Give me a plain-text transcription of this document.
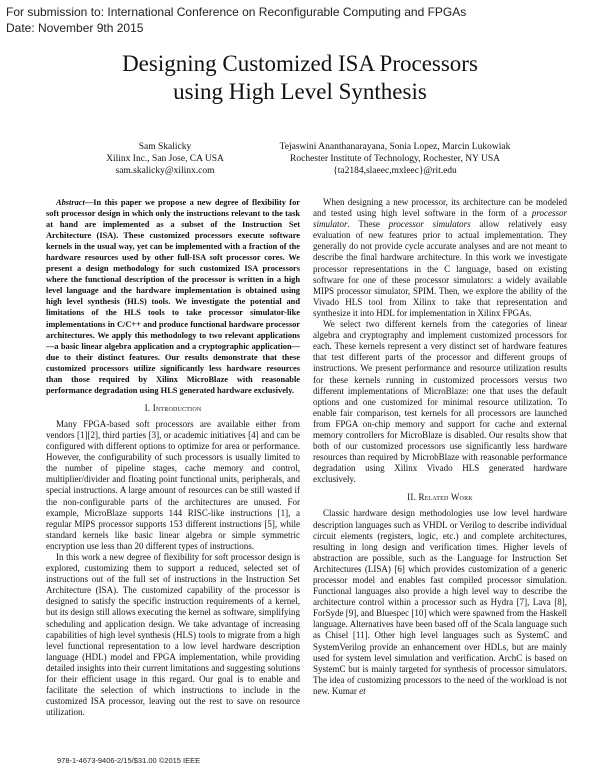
For submission to: International Conference on Reconfigurable Computing and FPGAs
Date: November 9th 2015
Designing Customized ISA Processors
using High Level Synthesis
Sam Skalicky
Xilinx Inc., San Jose, CA USA
sam.skalicky@xilinx.com
Tejaswini Ananthanarayana, Sonia Lopez, Marcin Lukowiak
Rochester Institute of Technology, Rochester, NY USA
{ta2184,slaeec,mxleec}@rit.edu

Abstract—In this paper we propose a new degree of flexibility for soft processor design in which only the instructions relevant to the task at hand are implemented as a subset of the Instruction Set Architecture (ISA). These customized processors execute software kernels in the usual way, yet can be implemented with a fraction of the hardware resources used by other full-ISA soft processor cores. We present a design methodology for such customized ISA processors where the functional description of the processor is written in a high level language and the hardware implementation is obtained using high level synthesis (HLS) tools. We investigate the potential and limitations of the HLS tools to take processor simulator-like implementations in C/C++ and produce functional hardware processor architectures. We apply this methodology to two relevant applications —a basic linear algebra application and a cryptographic application— due to their distinct features. Our results demonstrate that these customized processors utilize significantly less hardware resources than those required by Xilinx MicroBlaze with reasonable performance degradation using HLS generated hardware exclusively.

I. Introduction

Many FPGA-based soft processors are available either from vendors [1][2], third parties [3], or academic initiatives [4] and can be configured with different options to optimize for area or performance. However, the configurability of such processors is usually limited to the number of pipeline stages, cache memory and control, multiplier/divider and floating point functional units, peripherals, and special instructions. A large amount of resources can be still wasted if the non-configurable parts of the architectures are unused. For example, MicroBlaze supports 144 RISC-like instructions [1], a regular MIPS processor supports 153 different instructions [5], while standard kernels like basic linear algebra or simple symmetric encryption use less than 20 different types of instructions.

In this work a new degree of flexibility for soft processor design is explored, customizing them to support a reduced, selected set of instructions out of the full set of instructions in the Instruction Set Architecture (ISA). The customized capability of the processor is designed to satisfy the specific instruction requirements of a kernel, but its design still allows executing the kernel as software, simplifying scheduling and application design. We take advantage of increasing capabilities of high level synthesis (HLS) tools to migrate from a high level functional representation to a low level hardware description language (HDL) model and FPGA implementation, while providing detailed insights into their current limitations and suggesting solutions for their efficient usage in this regard. Our goal is to enable and facilitate the selection of which instructions to include in the customized ISA processor, leaving out the rest to save on resource utilization.

When designing a new processor, its architecture can be modeled and tested using high level software in the form of a processor simulator. These processor simulators allow relatively easy evaluation of new features prior to actual implementation. They generally do not provide cycle accurate analyses and are not meant to describe the final hardware architecture. In this work we investigate processor representations in the C language, based on existing software for one of these processor simulators: a widely available MIPS processor simulator, SPIM. Then, we explore the ability of the Vivado HLS tool from Xilinx to take that representation and synthesize it into HDL for implementation in Xilinx FPGAs.

We select two different kernels from the categories of linear algebra and cryptography and implement customized processors for each. These kernels represent a very distinct set of hardware features that test different parts of the processor and different groups of instructions. We present performance and resource utilization results for these kernels running in customized processors versus two different implementations of MicroBlaze: one that uses the default options and one customized for minimal resource utilization. To enable fair comparison, test kernels for all processors are launched from FPGA on-chip memory and support for cache and external memory controllers for MicroBlaze is disabled. Our results show that both of our customized processors use significantly less hardware resources than required by MicrobBlaze with reasonable performance degradation using Xilinx Vivado HLS generated hardware exclusively.

II. Related Work

Classic hardware design methodologies use low level hardware description languages such as VHDL or Verilog to describe individual circuit elements (registers, logic, etc.) and complete architectures, resulting in long design and verification times. Higher levels of abstraction are possible, such as the Language for Instruction Set Architectures (LISA) [6] which provides customization of a generic processor model and enables fast compiled processor simulation. Functional languages also provide a high level way to describe the architecture control within a processor such as Hydra [7], Lava [8], ForSyde [9], and Bluespec [10] which were spawned from the Haskell language. Alternatives have been based off of the Scala language such as Chisel [11]. Other high level languages such as SystemC and SystemVerilog provide an enhancement over HDLs, but are mainly used for system level simulation and verification. ArchC is based on SystemC but is mainly targeted for synthesis of processor simulators. The idea of customizing processors to the need of the workload is not new. Kumar et

978-1-4673-9406-2/15/$31.00 ©2015 IEEE
